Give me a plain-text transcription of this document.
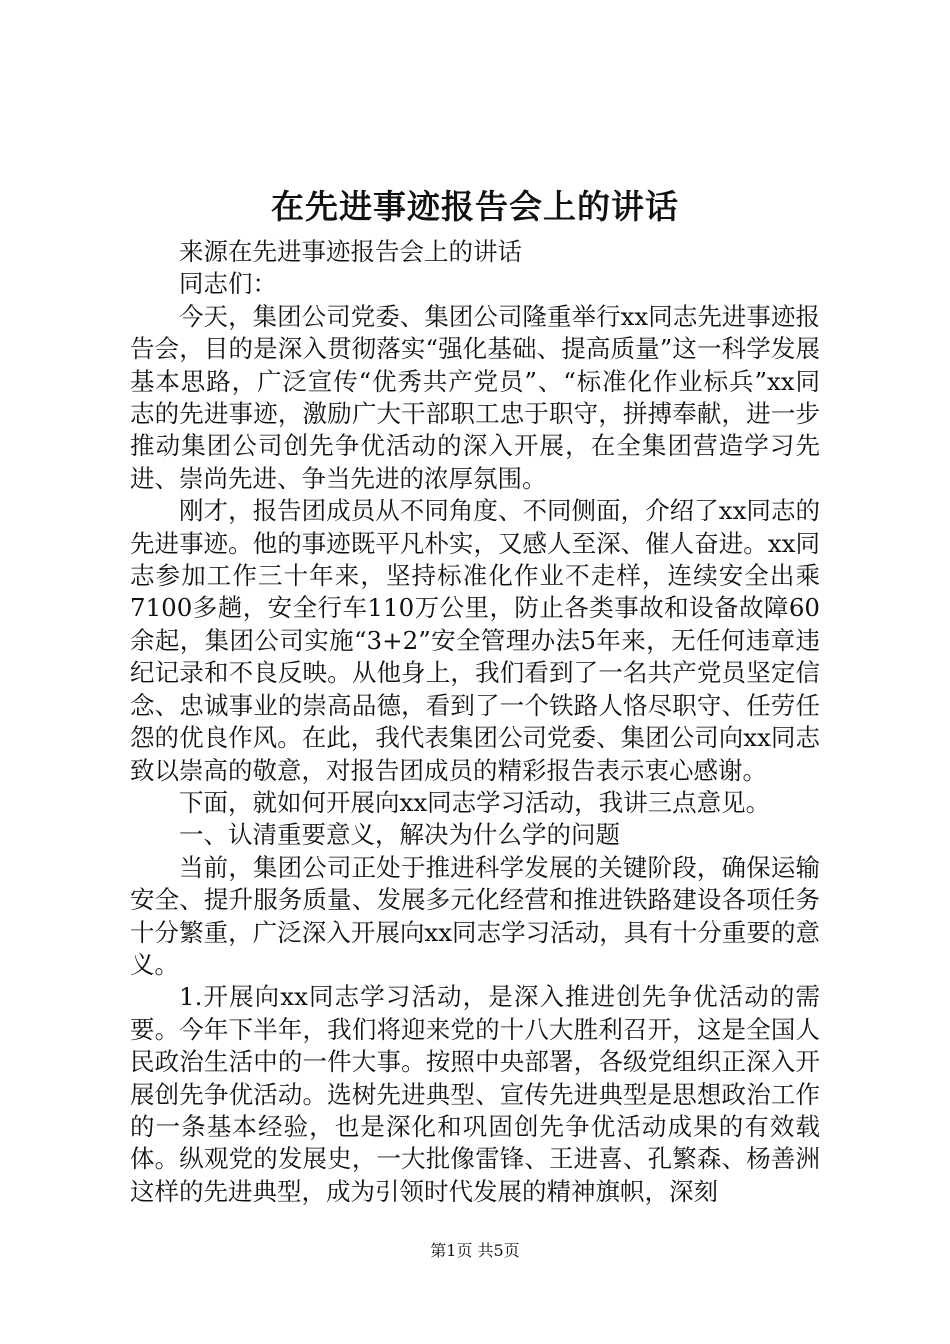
在先进事迹报告会上的讲话

来源在先进事迹报告会上的讲话

同志们：

今天，集团公司党委、集团公司隆重举行xx同志先进事迹报告会，目的是深入贯彻落实“强化基础、提高质量”这一科学发展基本思路，广泛宣传“优秀共产党员”、“标准化作业标兵”xx同志的先进事迹，激励广大干部职工忠于职守，拼搏奉献，进一步推动集团公司创先争优活动的深入开展，在全集团营造学习先进、崇尚先进、争当先进的浓厚氛围。

刚才，报告团成员从不同角度、不同侧面，介绍了xx同志的先进事迹。他的事迹既平凡朴实，又感人至深、催人奋进。xx同志参加工作三十年来，坚持标准化作业不走样，连续安全出乘7100多趟，安全行车110万公里，防止各类事故和设备故障60余起，集团公司实施“3+2”安全管理办法5年来，无任何违章违纪记录和不良反映。从他身上，我们看到了一名共产党员坚定信念、忠诚事业的崇高品德，看到了一个铁路人恪尽职守、任劳任怨的优良作风。在此，我代表集团公司党委、集团公司向xx同志致以崇高的敬意，对报告团成员的精彩报告表示衷心感谢。

下面，就如何开展向xx同志学习活动，我讲三点意见。

一、认清重要意义，解决为什么学的问题

当前，集团公司正处于推进科学发展的关键阶段，确保运输安全、提升服务质量、发展多元化经营和推进铁路建设各项任务十分繁重，广泛深入开展向xx同志学习活动，具有十分重要的意义。

1.开展向xx同志学习活动，是深入推进创先争优活动的需要。今年下半年，我们将迎来党的十八大胜利召开，这是全国人民政治生活中的一件大事。按照中央部署，各级党组织正深入开展创先争优活动。选树先进典型、宣传先进典型是思想政治工作的一条基本经验，也是深化和巩固创先争优活动成果的有效载体。纵观党的发展史，一大批像雷锋、王进喜、孔繁森、杨善洲这样的先进典型，成为引领时代发展的精神旗帜，深刻

第1页 共5页
